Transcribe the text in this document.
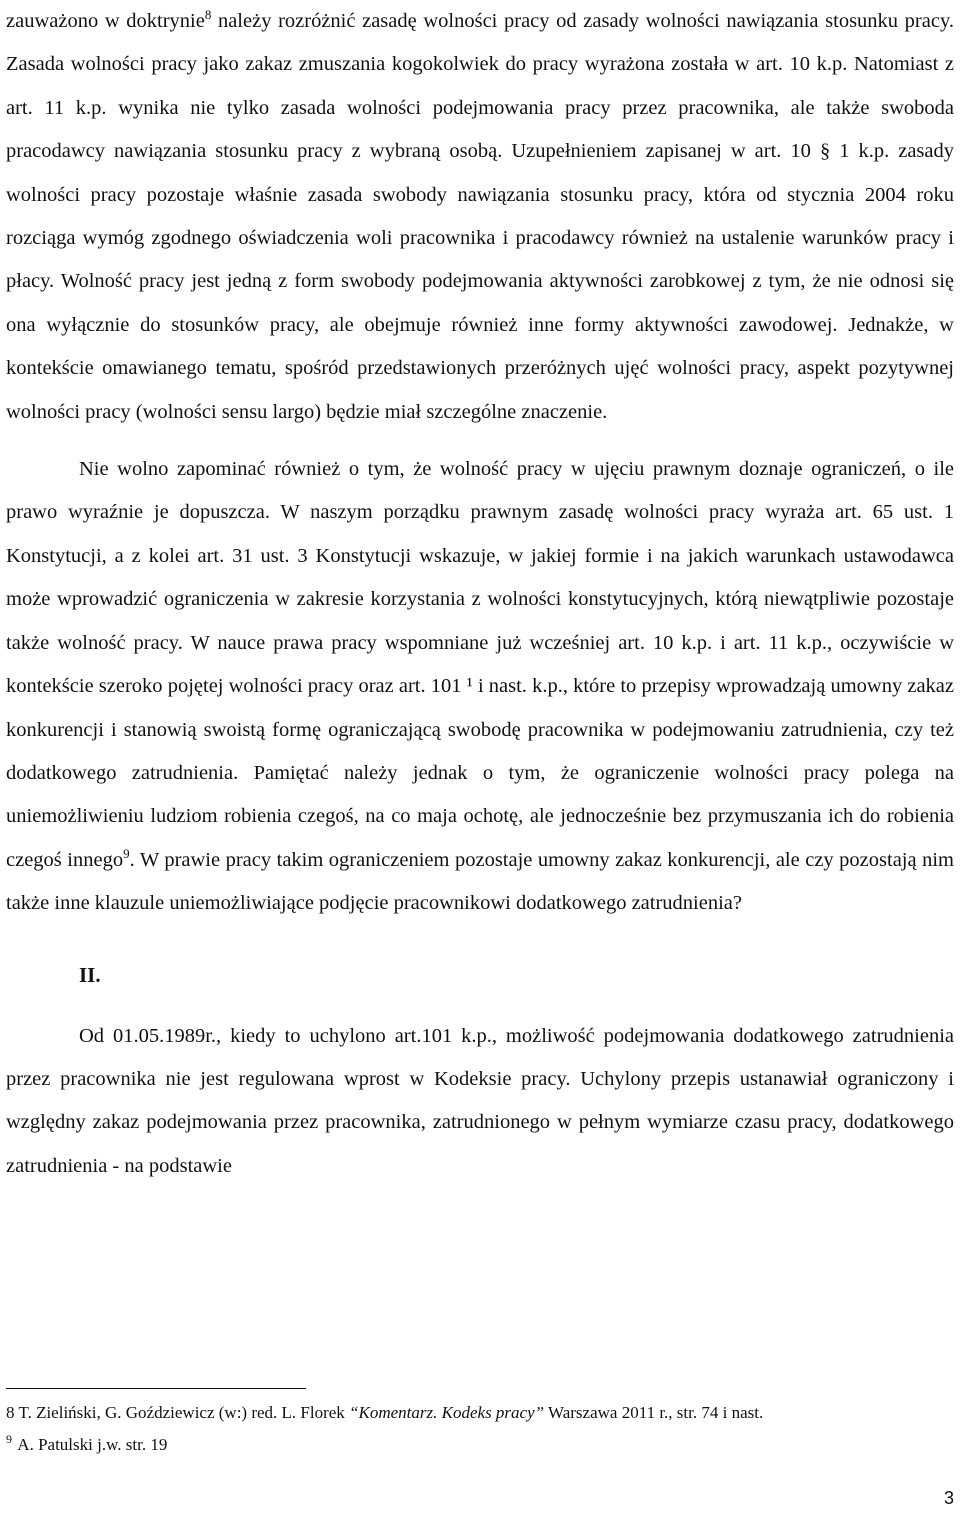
zauważono w doktrynie$^8$ należy rozróżnić zasadę wolności pracy od zasady wolności nawiązania stosunku pracy. Zasada wolności pracy jako zakaz zmuszania kogokolwiek do pracy wyrażona została w art. 10 k.p. Natomiast z art. 11 k.p. wynika nie tylko zasada wolności podejmowania pracy przez pracownika, ale także swoboda pracodawcy nawiązania stosunku pracy z wybraną osobą. Uzupełnieniem zapisanej w art. 10 § 1 k.p. zasady wolności pracy pozostaje właśnie zasada swobody nawiązania stosunku pracy, która od stycznia 2004 roku rozciąga wymóg zgodnego oświadczenia woli pracownika i pracodawcy również na ustalenie warunków pracy i płacy. Wolność pracy jest jedną z form swobody podejmowania aktywności zarobkowej z tym, że nie odnosi się ona wyłącznie do stosunków pracy, ale obejmuje również inne formy aktywności zawodowej. Jednakże, w kontekście omawianego tematu, spośród przedstawionych przeróżnych ujęć wolności pracy, aspekt pozytywnej wolności pracy (wolności sensu largo) będzie miał szczególne znaczenie.

Nie wolno zapominać również o tym, że wolność pracy w ujęciu prawnym doznaje ograniczeń, o ile prawo wyraźnie je dopuszcza. W naszym porządku prawnym zasadę wolności pracy wyraża art. 65 ust. 1 Konstytucji, a z kolei art. 31 ust. 3 Konstytucji wskazuje, w jakiej formie i na jakich warunkach ustawodawca może wprowadzić ograniczenia w zakresie korzystania z wolności konstytucyjnych, którą niewątpliwie pozostaje także wolność pracy. W nauce prawa pracy wspomniane już wcześniej art. 10 k.p. i art. 11 k.p., oczywiście w kontekście szeroko pojętej wolności pracy oraz art. 101 ¹ i nast. k.p., które to przepisy wprowadzają umowny zakaz konkurencji i stanowią swoistą formę ograniczającą swobodę pracownika w podejmowaniu zatrudnienia, czy też dodatkowego zatrudnienia. Pamiętać należy jednak o tym, że ograniczenie wolności pracy polega na uniemożliwieniu ludziom robienia czegoś, na co maja ochotę, ale jednocześnie bez przymuszania ich do robienia czegoś innego$^9$. W prawie pracy takim ograniczeniem pozostaje umowny zakaz konkurencji, ale czy pozostają nim także inne klauzule uniemożliwiające podjęcie pracownikowi dodatkowego zatrudnienia?

II.

Od 01.05.1989r., kiedy to uchylono art.101 k.p., możliwość podejmowania dodatkowego zatrudnienia przez pracownika nie jest regulowana wprost w Kodeksie pracy. Uchylony przepis ustanawiał ograniczony i względny zakaz podejmowania przez pracownika, zatrudnionego w pełnym wymiarze czasu pracy, dodatkowego zatrudnienia - na podstawie

8 T. Zieliński, G. Goździewicz (w:) red. L. Florek “Komentarz. Kodeks pracy” Warszawa 2011 r., str. 74 i nast.

$^9$ A. Patulski j.w. str. 19

3
